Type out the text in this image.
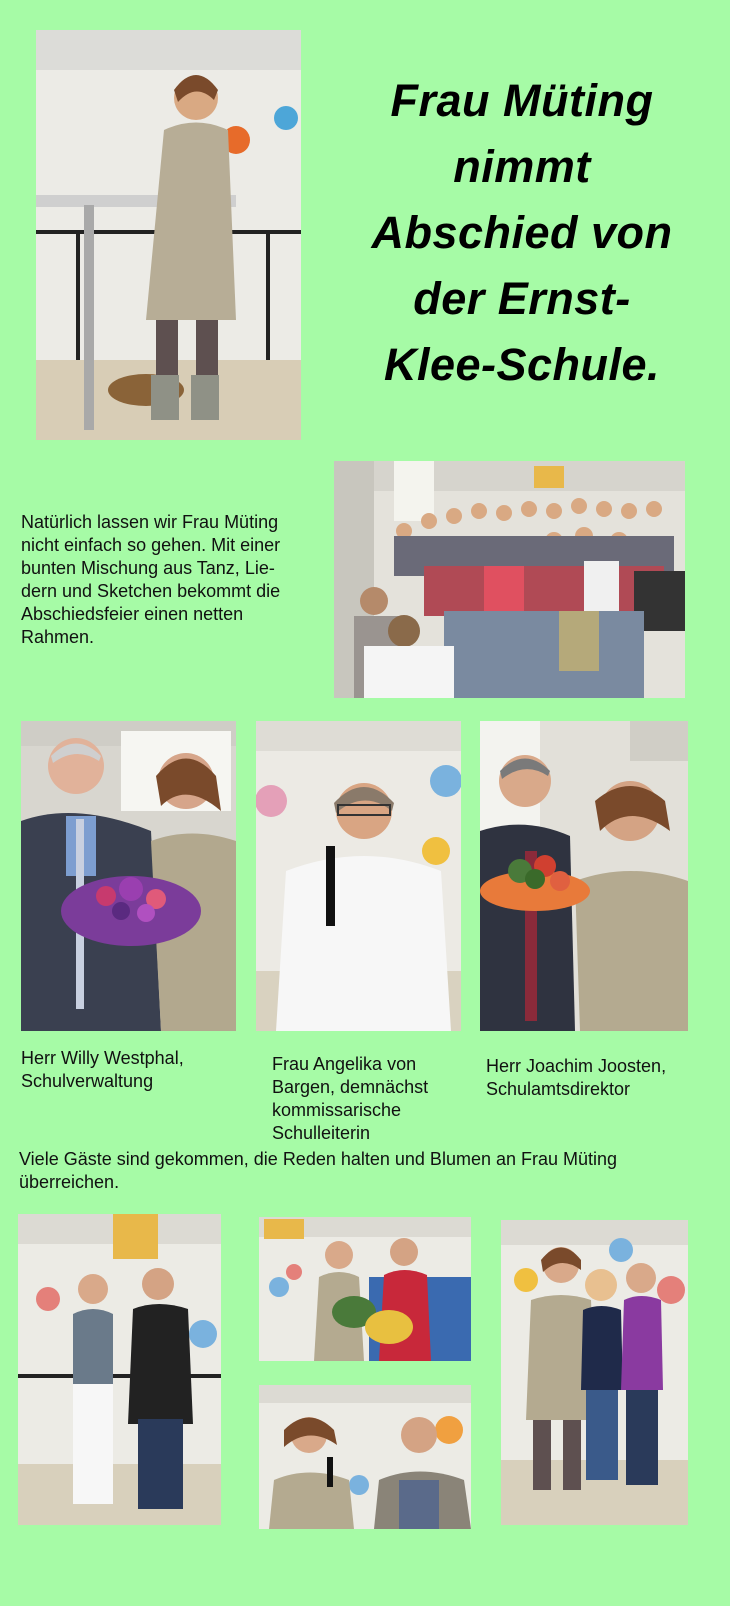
Frau Müting
nimmt
Abschied von
der Ernst-
Klee-Schule.
Natürlich lassen wir Frau Müting
nicht einfach so gehen. Mit einer
bunten Mischung aus Tanz, Lie-
dern und Sketchen bekommt die
Abschiedsfeier einen netten
Rahmen.
Herr Willy Westphal,
Schulverwaltung
Frau Angelika von
Bargen, demnächst
kommissarische
Schulleiterin
Herr Joachim Joosten,
Schulamtsdirektor
Viele Gäste sind gekommen, die Reden halten und Blumen an Frau Müting
überreichen.
